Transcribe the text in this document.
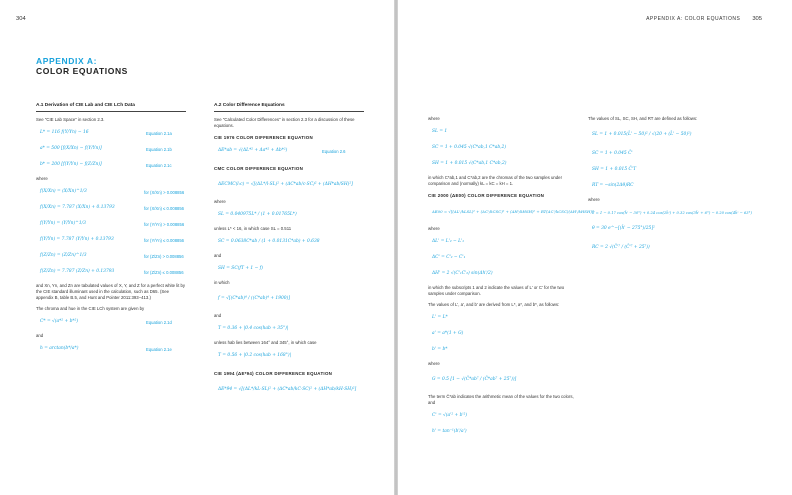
304
APPENDIX A:
COLOR EQUATIONS
A.1 Derivation of CIE Lab and CIE LCh Data

See "CIE Lab Space" in section 2.3.

L* = 116 f(Y/Yn) − 16	Equation 2.1a
a* = 500 [f(X/Xn) − f(Y/Yn)]	Equation 2.1b
b* = 200 [f(Y/Yn) − f(Z/Zn)]	Equation 2.1c

where

f(X/Xn) = (X/Xn)^1/3	for (X/Xn) > 0.008856
f(X/Xn) = 7.787 (X/Xn) + 0.13793	for (X/Xn) ≤ 0.008856
f(Y/Yn) = (Y/Yn)^1/3	for (Y/Yn) > 0.008856
f(Y/Yn) = 7.787 (Y/Yn) + 0.13793	for (Y/Yn) ≤ 0.008856
f(Z/Zn) = (Z/Zn)^1/3	for (Z/Zn) > 0.008856
f(Z/Zn) = 7.787 (Z/Zn) + 0.13793	for (Z/Zn) ≤ 0.008856

and Xn, Yn, and Zn are tabulated values of X, Y, and Z for a perfect white lit by the CIE standard illuminant used in the calculation, such as D65. (See appendix B, table B.5, and Hunt and Pointer 2011:393−413.)

The chroma and hue in the CIE LCh system are given by

C* = √(a*² + b*²)	Equation 2.1d

and

h = arctan(b*/a*)	Equation 2.1e
A.2 Color Difference Equations

See "Calculated Color Differences" in section 2.3 for a discussion of these equations.

CIE 1976 COLOR DIFFERENCE EQUATION
ΔE*ab = √(ΔL*² + Δa*² + Δb*²)	Equation 2.6
CMC COLOR DIFFERENCE EQUATION
ΔECMC(l:c) = √[(ΔL*/l·SL)² + (ΔC*ab/c·SC)² + (ΔH*ab/SH)²]

where

SL = 0.040975L* / (1 + 0.01765L*)

unless L* < 16, in which case SL = 0.511

SC = 0.0638C*ab / (1 + 0.0131C*ab) + 0.638

and

SH = SC(fT + 1 − f)

in which

f = √[(C*ab)⁴ / ((C*ab)⁴ + 1900)]

and

T = 0.36 + |0.4 cos(hab + 35°)|

unless hab lies between 164° and 345°, in which case

T = 0.56 + |0.2 cos(hab + 168°)|
CIE 1994 (ΔE*94) COLOR DIFFERENCE EQUATION
ΔE*94 = √[(ΔL*/kL·SL)² + (ΔC*ab/kC·SC)² + (ΔH*ab/kH·SH)²]
APPENDIX A: COLOR EQUATIONS 305

where

SL = 1
SC = 1 + 0.045 √(C*ab,1 C*ab,2)
SH = 1 + 0.015 √(C*ab,1 C*ab,2)

in which C*ab,1 and C*ab,2 are the chromas of the two samples under comparison and (normally) kL = kC = kH = 1.

CIE 2000 (ΔE00) COLOR DIFFERENCE EQUATION
ΔE00 = √[(ΔL'/kLSL)² + (ΔC'/kCSC)² + (ΔH'/kHSH)² + RT(ΔC'/kCSC)(ΔH'/kHSH)]

where

ΔL' = L'₂ − L'₁
ΔC' = C'₂ − C'₁
ΔH' = 2 √(C'₁C'₂) sin(Δh'/2)

in which the subscripts 1 and 2 indicate the values of L' or C' for the two samples under comparison.

The values of L', a', and b' are derived from L*, a*, and b*, as follows:

L' = L*
a' = a*(1 + G)
b' = b*

where

G = 0.5 [1 − √(C̄*ab⁷ / (C̄*ab⁷ + 25⁷))]

The term C̄*ab indicates the arithmetic mean of the values for the two colors, and

C' = √(a'² + b'²)
h' = tan⁻¹(b'/a')

The values of SL, SC, SH, and RT are defined as follows:

SL = 1 + 0.015(L̄' − 50)² / √(20 + (L̄' − 50)²)
SC = 1 + 0.045 C̄'
SH = 1 + 0.015 C̄'T
RT = −sin(2Δθ)RC

where

T = 1 − 0.17 cos(h̄' − 30°) + 0.24 cos(2h̄') + 0.32 cos(3h̄' + 6°) − 0.20 cos(4h̄' − 63°)
θ = 30 e^−[(h̄' − 275°)/25]²
RC = 2 √(C̄'⁷ / (C̄'⁷ + 25⁷))
